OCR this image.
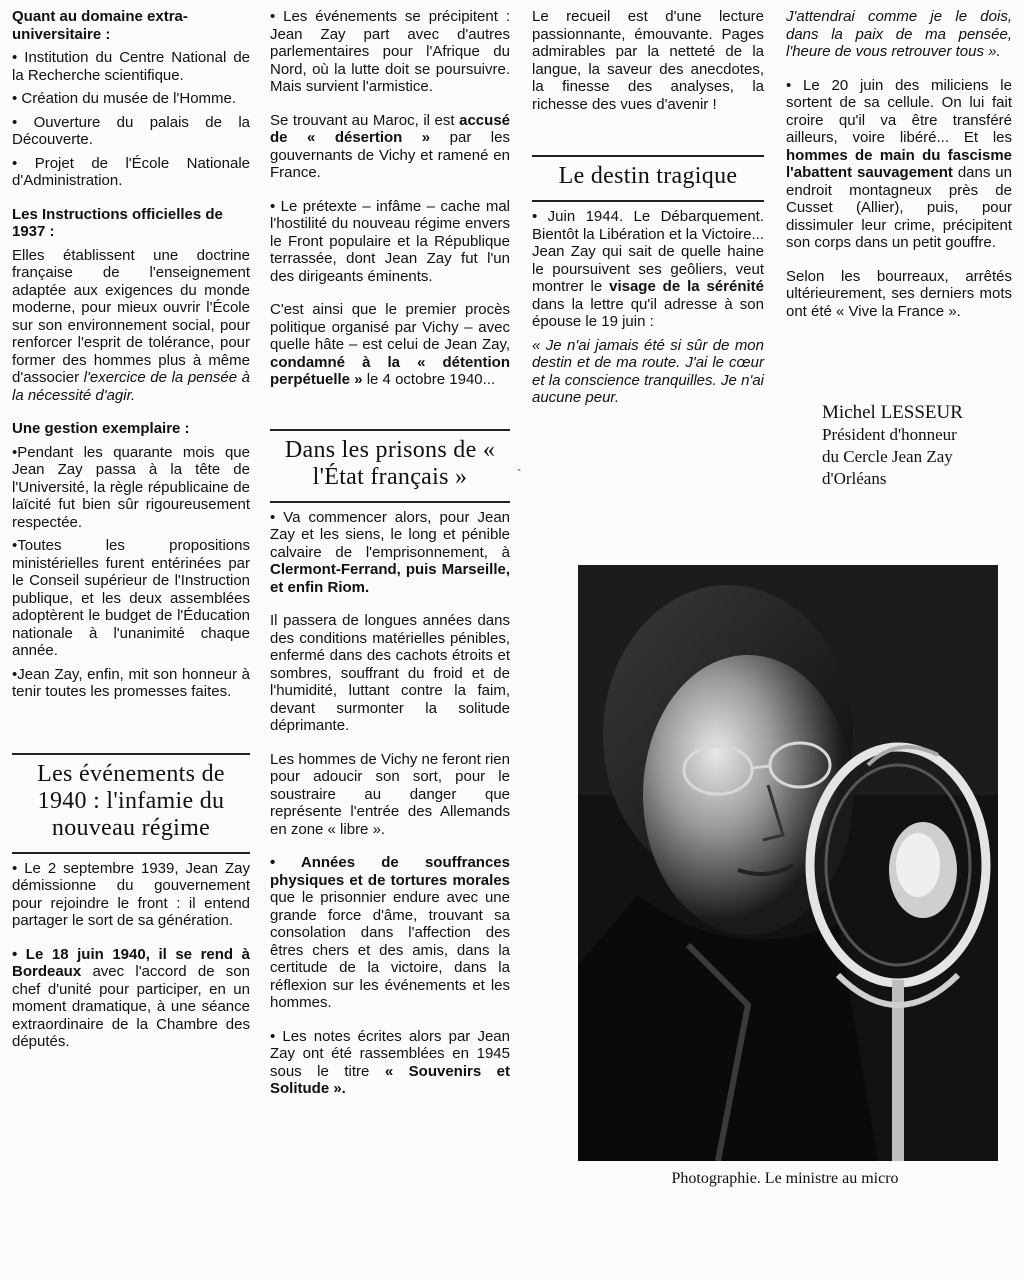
Quant au domaine extra-universitaire :

• Institution du Centre National de la Recherche scientifique.

• Création du musée de l'Homme.

• Ouverture du palais de la Découverte.

• Projet de l'École Nationale d'Administration.

Les Instructions officielles de 1937 :

Elles établissent une doctrine française de l'enseignement adaptée aux exigences du monde moderne, pour mieux ouvrir l'École sur son environnement social, pour renforcer l'esprit de tolérance, pour former des hommes plus à même d'associer l'exercice de la pensée à la nécessité d'agir.

Une gestion exemplaire :

•Pendant les quarante mois que Jean Zay passa à la tête de l'Université, la règle républicaine de laïcité fut bien sûr rigoureusement respectée.

•Toutes les propositions ministérielles furent entérinées par le Conseil supérieur de l'Instruction publique, et les deux assemblées adoptèrent le budget de l'Éducation nationale à l'unanimité chaque année.

•Jean Zay, enfin, mit son honneur à tenir toutes les promesses faites.

Les événements de 1940 : l'infamie du nouveau régime

• Le 2 septembre 1939, Jean Zay démissionne du gouvernement pour rejoindre le front : il entend partager le sort de sa génération.

• Le 18 juin 1940, il se rend à Bordeaux avec l'accord de son chef d'unité pour participer, en un moment dramatique, à une séance extraordinaire de la Chambre des députés.

• Les événements se précipitent : Jean Zay part avec d'autres parlementaires pour l'Afrique du Nord, où la lutte doit se poursuivre. Mais survient l'armistice.

Se trouvant au Maroc, il est accusé de « désertion » par les gouvernants de Vichy et ramené en France.

• Le prétexte – infâme – cache mal l'hostilité du nouveau régime envers le Front populaire et la République terrassée, dont Jean Zay fut l'un des dirigeants éminents.

C'est ainsi que le premier procès politique organisé par Vichy – avec quelle hâte – est celui de Jean Zay, condamné à la « détention perpétuelle » le 4 octobre 1940...

Dans les prisons de « l'État français »

• Va commencer alors, pour Jean Zay et les siens, le long et pénible calvaire de l'emprisonnement, à Clermont-Ferrand, puis Marseille, et enfin Riom.

Il passera de longues années dans des conditions matérielles pénibles, enfermé dans des cachots étroits et sombres, souffrant du froid et de l'humidité, luttant contre la faim, devant surmonter la solitude déprimante.

Les hommes de Vichy ne feront rien pour adoucir son sort, pour le soustraire au danger que représente l'entrée des Allemands en zone « libre ».

• Années de souffrances physiques et de tortures morales que le prisonnier endure avec une grande force d'âme, trouvant sa consolation dans l'affection des êtres chers et des amis, dans la certitude de la victoire, dans la réflexion sur les événements et les hommes.

• Les notes écrites alors par Jean Zay ont été rassemblées en 1945 sous le titre « Souvenirs et Solitude ».

Le recueil est d'une lecture passionnante, émouvante. Pages admirables par la netteté de la langue, la saveur des anecdotes, la finesse des analyses, la richesse des vues d'avenir !

Le destin tragique

• Juin 1944. Le Débarquement. Bientôt la Libération et la Victoire... Jean Zay qui sait de quelle haine le poursuivent ses geôliers, veut montrer le visage de la sérénité dans la lettre qu'il adresse à son épouse le 19 juin :

« Je n'ai jamais été si sûr de mon destin et de ma route. J'ai le cœur et la conscience tranquilles. Je n'ai aucune peur.

J'attendrai comme je le dois, dans la paix de ma pensée, l'heure de vous retrouver tous ».

• Le 20 juin des miliciens le sortent de sa cellule. On lui fait croire qu'il va être transféré ailleurs, voire libéré... Et les hommes de main du fascisme l'abattent sauvagement dans un endroit montagneux près de Cusset (Allier), puis, pour dissimuler leur crime, précipitent son corps dans un petit gouffre.

Selon les bourreaux, arrêtés ultérieurement, ses derniers mots ont été « Vive la France ».

Michel LESSEUR
Président d'honneur
du Cercle Jean Zay
d'Orléans
`
Photographie. Le ministre au micro
